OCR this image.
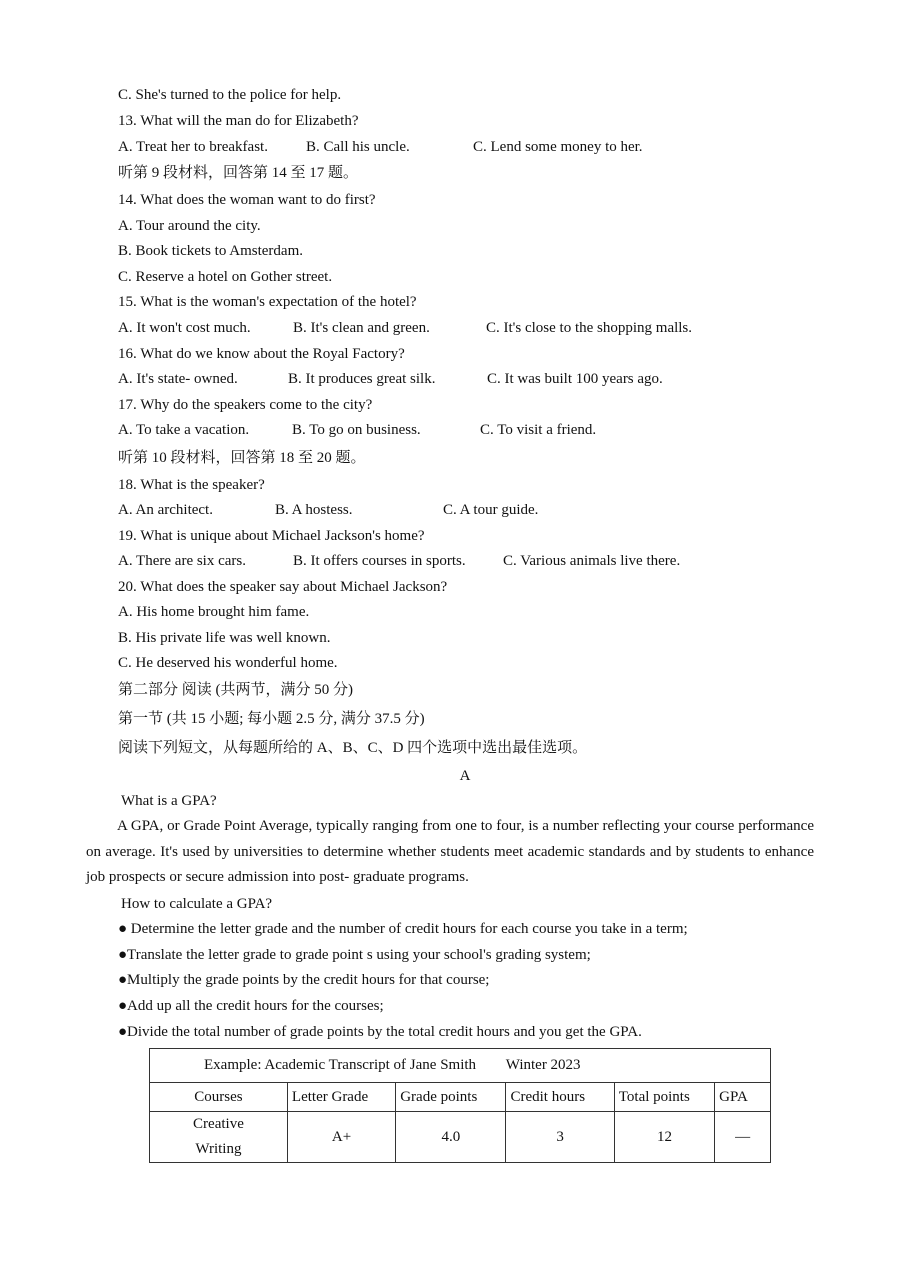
C. She's turned to the police for help.
13. What will the man do for Elizabeth?
A. Treat her to breakfast.	B. Call his uncle.	C. Lend some money to her.
听第 9 段材料，回答第 14 至 17 题。
14. What does the woman want to do first?
A. Tour around the city.
B. Book tickets to Amsterdam.
C. Reserve a hotel on Gother street.
15. What is the woman's expectation of the hotel?
A. It won't cost much.	B. It's clean and green.	C. It's close to the shopping malls.
16. What do we know about the Royal Factory?
A. It's state- owned.	B. It produces great silk.	C. It was built 100 years ago.
17. Why do the speakers come to the city?
A. To take a vacation.	B. To go on business.	C. To visit a friend.
听第 10 段材料，回答第 18 至 20 题。
18. What is the speaker?
A. An architect.	B. A hostess.	C. A tour guide.
19. What is unique about Michael Jackson's home?
A. There are six cars.	B. It offers courses in sports. C. Various animals live there.
20. What does the speaker say about Michael Jackson?
A. His home brought him fame.
B. His private life was well known.
C. He deserved his wonderful home.
第二部分 阅读 (共两节，满分 50 分)
第一节 (共 15 小题; 每小题 2.5 分, 满分 37.5 分)
阅读下列短文，从每题所给的 A、B、C、D 四个选项中选出最佳选项。
A
What is a GPA?
A GPA, or Grade Point Average, typically ranging from one to four, is a number reflecting your course performance on average. It's used by universities to determine whether students meet academic standards and by students to enhance job prospects or secure admission into post- graduate programs.
How to calculate a GPA?
● Determine the letter grade and the number of credit hours for each course you take in a term;
●Translate the letter grade to grade point s using your school's grading system;
●Multiply the grade points by the credit hours for that course;
●Add up all the credit hours for the courses;
●Divide the total number of grade points by the total credit hours and you get the GPA.
Example: Academic Transcript of Jane Smith        Winter 2023					
Courses	Letter Grade	Grade points	Credit hours	Total points	GPA
Creative Writing	A+	4.0	3	12	—
